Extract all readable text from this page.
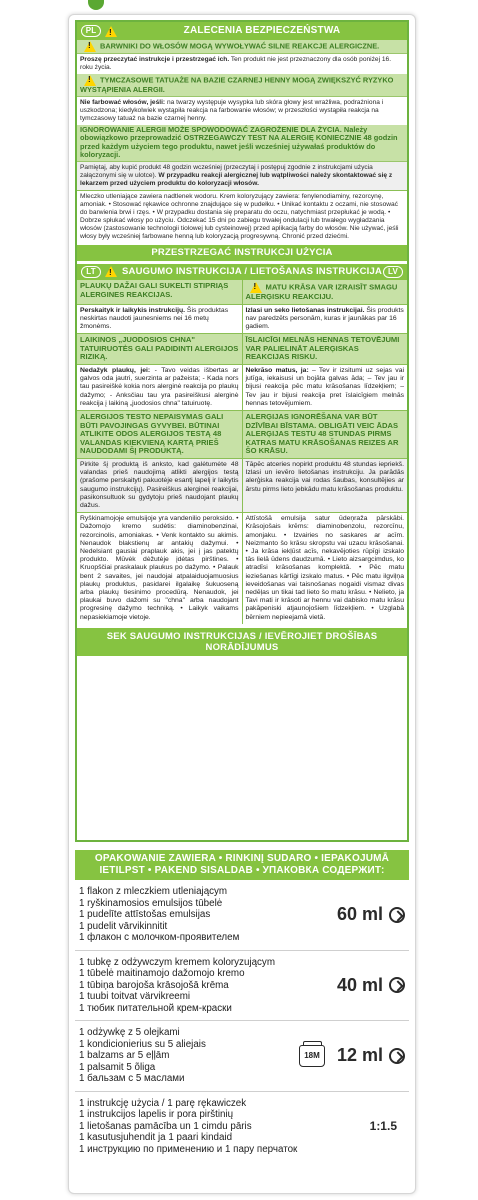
PL
!	ZALECENIA BEZPIECZEŃSTWA
!BARWNIKI DO WŁOSÓW MOGĄ WYWOŁYWAĆ SILNE REAKCJE ALERGICZNE.
Proszę przeczytać instrukcje i przestrzegać ich. Ten produkt nie jest przeznaczony dla osób poniżej 16. roku życia.
!TYMCZASOWE TATUAŻE NA BAZIE CZARNEJ HENNY MOGĄ ZWIĘKSZYĆ RYZYKO WYSTĄPIENIA ALERGII.
Nie farbować włosów, jeśli: na twarzy występuje wysypka lub skóra głowy jest wrażliwa, podrażniona i uszkodzona; kiedykolwiek wystąpiła reakcja na farbowanie włosów; w przeszłości wystąpiła reakcja na tymczasowy tatuaż na bazie czarnej henny.
IGNOROWANIE ALERGII MOŻE SPOWODOWAĆ ZAGROŻENIE DLA ŻYCIA. Należy obowiązkowo przeprowadzić OSTRZEGAWCZY TEST NA ALERGIĘ KONIECZNIE 48 godzin przed każdym użyciem tego produktu, nawet jeśli wcześniej używałaś produktów do koloryzacji.
Pamiętaj, aby kupić produkt 48 godzin wcześniej (przeczytaj i postępuj zgodnie z instrukcjami użycia załączonymi się w ulotce). W przypadku reakcji alergicznej lub wątpliwości należy skontaktować się z lekarzem przed użyciem produktu do koloryzacji włosów.
Mleczko utleniające zawiera nadtlenek wodoru. Krem koloryzujący zawiera: fenylenodiaminy, rezorcynę, amoniak. • Stosować rękawice ochronne znajdujące się w pudełku. • Unikać kontaktu z oczami, nie stosować do barwienia brwi i rzęs. • W przypadku dostania się preparatu do oczu, natychmiast przepłukać je wodą. • Dobrze spłukać włosy po użyciu. Odczekać 15 dni po zabiegu trwałej ondulacji lub trwałego wygładzania włosów (zastosowanie technologii tiolowej lub cysteinowej) przed aplikacją farby do włosów. Nie używać, jeśli włosy były wcześniej farbowane henną lub koloryzacją progresywną. Chronić przed dziećmi.
PRZESTRZEGAĆ INSTRUKCJI UŻYCIA
LT
!	SAUGUMO INSTRUKCIJA / LIETOŠANAS INSTRUKCIJA LV
PLAUKŲ DAŽAI GALI SUKELTI STIPRIĄS ALERGINES REAKCIJAS.
!MATU KRĀSA VAR IZRAISĪT SMAGU ALERĢISKU REAKCIJU.
Perskaityk ir laikykis instrukcijų. Šis produktas neskirtas naudoti jaunesniems nei 16 metų žmonėms.
Izlasi un seko lietošanas instrukcijai. Šis produkts nav paredzēts personām, kuras ir jaunākas par 16 gadiem.
LAIKINOS „JUODOSIOS CHNA" TATUIRUOTĖS GALI PADIDINTI ALERGIJOS RIZIKĄ.
ĪSLAICĪGI MELNĀS HENNAS TETOVĒJUMI VAR PALIELINĀT ALERĢISKAS REAKCIJAS RISKU.
Nedažyk plaukų, jei: - Tavo veidas išbertas ar galvos oda jautri, suerzinta ar pažeista; - Kada nors tau pasireiškė kokia nors alerginė reakcija po plaukų dažymo; - Anksčiau tau yra pasireiškusi alerginė reakcija į laikiną „juodosios chna" tatuiruotę.
Nekrāso matus, ja: – Tev ir izsitumi uz sejas vai jutīga, iekaisusi un bojāta galvas āda; – Tev jau ir bijusi reakcija pēc matu krāsošanas līdzekļiem; – Tev jau ir bijusi reakcija pret īslaicīgiem melnās hennas tetovējumiem.
ALERGIJOS TESTO NEPAISYMAS GALI BŪTI PAVOJINGAS GYVYBEI. BŪTINAI ATLIKITE ODOS ALERGIJOS TESTĄ 48 VALANDAS KIEKVIENĄ KARTĄ PRIEŠ NAUDODAMI ŠĮ PRODUKTĄ.
ALERĢIJAS IGNORĒŠANA VAR BŪT DZĪVĪBAI BĪSTAMA. OBLIGĀTI VEIC ĀDAS ALERĢIJAS TESTU 48 STUNDAS PIRMS KATRAS MATU KRĀSOŠANAS REIZES AR ŠO KRĀSU.
Pirkite šį produktą iš anksto, kad galėtumėte 48 valandas prieš naudojimą atlikti alergijos testą (prašome perskaityti pakuotėje esantį lapelį ir laikytis saugumo instrukcijų). Pasireiškus alerginei reakcijai, pasikonsultuok su gydytoju prieš naudojant plaukų dažus.
Tāpēc atceries nopirkt produktu 48 stundas iepriekš. Izlasi un ievēro lietošanas instrukciju. Ja parādās alerģiska reakcija vai rodas šaubas, konsultējies ar ārstu pirms lieto jebkādu matu krāsošanas produktu.
Ryškinamojoje emulsijoje yra vandenilio peroksido. • Dažomojo kremo sudėtis: diaminobenzinai, rezorcinolis, amoniakas. • Venk kontakto su akimis. Nenaudok blakstienų ar antakių dažymui. • Nedelsiant gausiai praplauk akis, jei į jas patektų produkto. Mūvėk dėžutėje įdėtas pirštines. • Kruopščiai praskalauk plaukus po dažymo. • Palauk bent 2 savaites, jei naudojai atpalaiduojamuosius plaukų produktus, pasidarei ilgalaikę šukuoseną arba plaukų tiesinimo procedūrą. Nenaudok, jei plaukai buvo dažomi su "chna" arba naudojant progresinę dažymo techniką. • Laikyk vaikams nepasiekiamoje vietoje.
Attīstošā emulsija satur ūdeņraža pārskābi. Krāsojošais krēms: diaminobenzolu, rezorcīnu, amonjaku. • Izvairies no saskares ar acīm. Neizmanto šo krāsu skropstu vai uzacu krāsošanai. • Ja krāsa iekļūst acīs, nekavējoties rūpīgi izskalo tās lielā ūdens daudzumā. • Lieto aizsargcimdus, ko atradīsi krāsošanas komplektā. • Pēc matu ieziešanas kārtīgi izskalo matus. • Pēc matu ilgviļņa ieveidošanas vai taisnošanas nogaidi vismaz divas nedēļas un tikai tad lieto šo matu krāsu. • Nelieto, ja Tavi mati ir krāsoti ar hennu vai dabisko matu krāsu pakāpeniski atjaunojošiem līdzekļiem. • Uzglabā bērniem nepieejamā vietā.
SEK SAUGUMO INSTRUKCIJAS / IEVĒROJIET DROŠĪBAS NORĀDĪJUMUS
OPAKOWANIE ZAWIERA • RINKINĮ SUDARO • IEPAKOJUMĀ IETILPST • PAKEND SISALDAB • УПАКОВКА СОДЕРЖИТ:
1 flakon z mleczkiem utleniającym
1 ryškinamosios emulsijos tūbelė
1 pudelīte attīstošas emulsijas
1 pudelit vārvikinnitit
1 флакон с молочком-проявителем
60 ml
1 tubkę z odżywczym kremem koloryzującym
1 tūbelė maitinamojo dažomojo kremo
1 tūbiņa barojoša krāsojošā krēma
1 tuubi toitvat värvikreemi
1 тюбик питательной крем-краски
40 ml
1 odżywkę z 5 olejkami
1 kondicionierius su 5 aliejais
1 balzams ar 5 eļļām
1 palsamit 5 õliga
1 бальзам с 5 маслами
18M 12 ml
1 instrukcję użycia / 1 parę rękawiczek
1 instrukcijos lapelis ir pora pirštinių
1 lietošanas pamācība un 1 cimdu pāris
1 kasutusjuhendit ja 1 paari kindaid
1 инструкцию по применению и 1 пару перчаток
1:1.5
